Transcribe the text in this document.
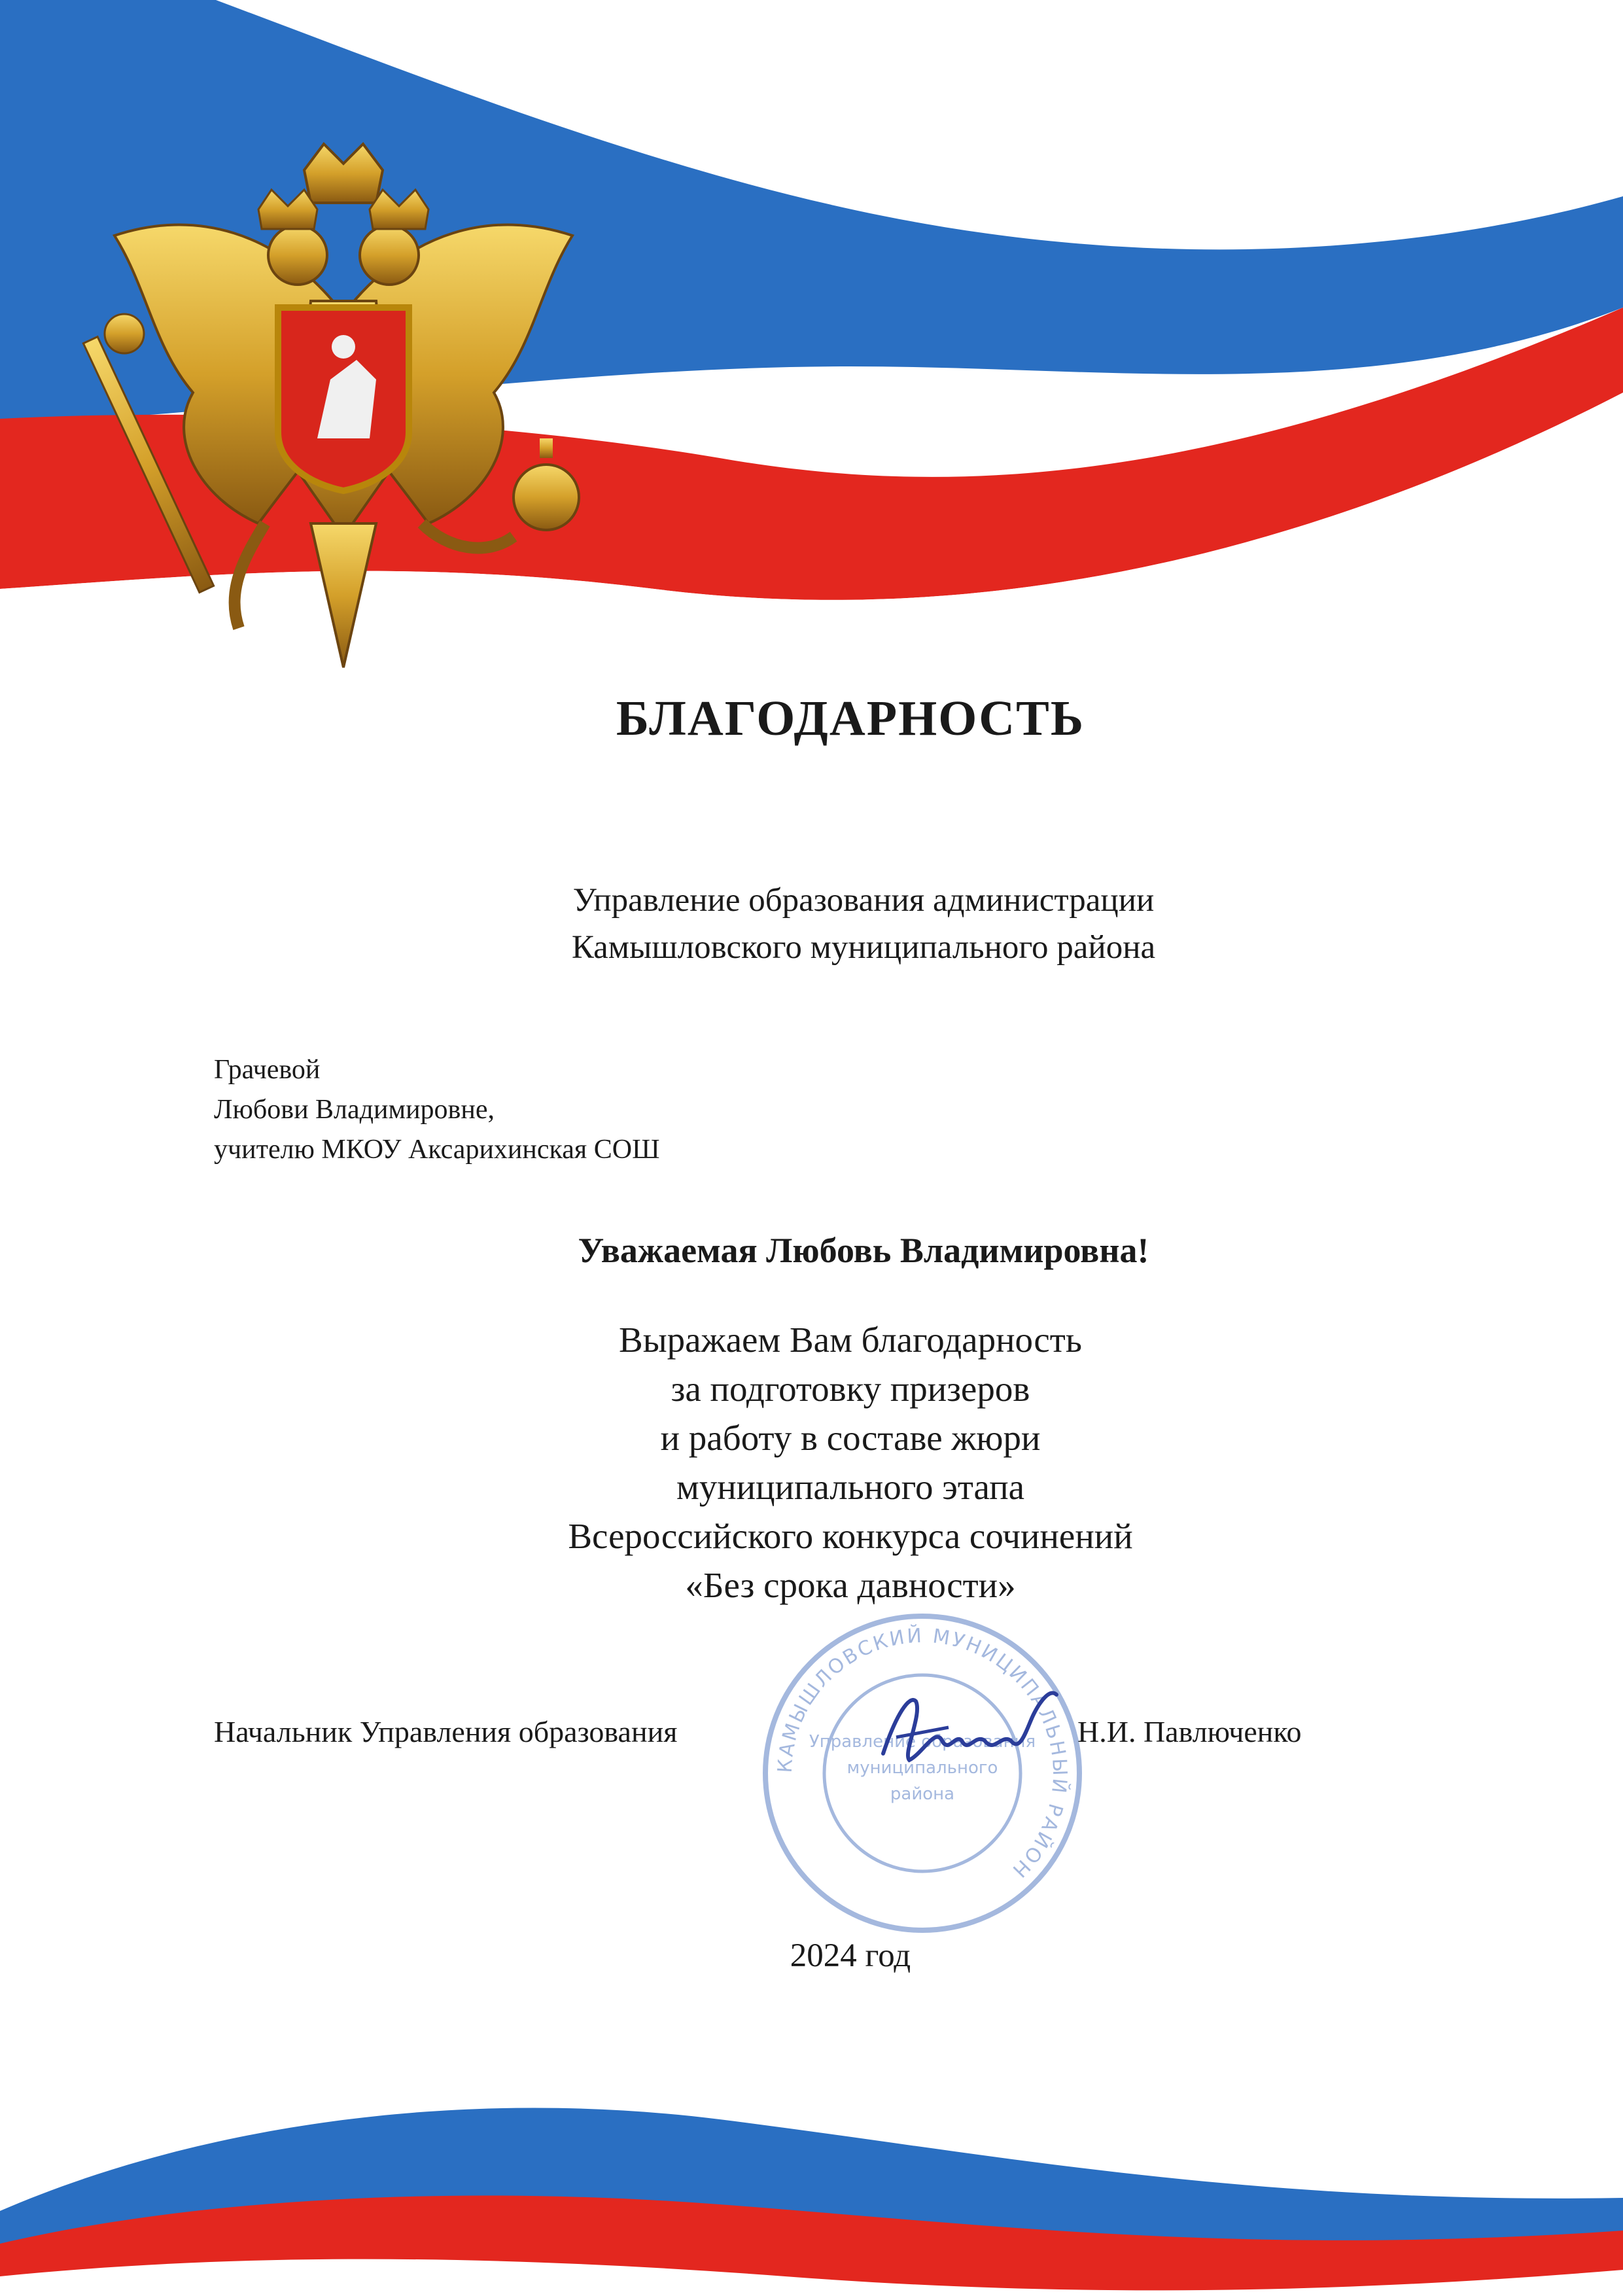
БЛАГОДАРНОСТЬ
Управление образования администрации
Камышловского муниципального района
Грачевой
Любови Владимировне,
учителю МКОУ Аксарихинская СОШ
Уважаемая Любовь Владимировна!
Выражаем Вам благодарность
за подготовку призеров
и работу в составе жюри
муниципального этапа
Всероссийского конкурса сочинений
«Без срока давности»
КАМЫШЛОВСКИЙ МУНИЦИПАЛЬНЫЙ РАЙОН
Управление образования
муниципального
района
Начальник Управления образования	Н.И. Павлюченко
2024 год
